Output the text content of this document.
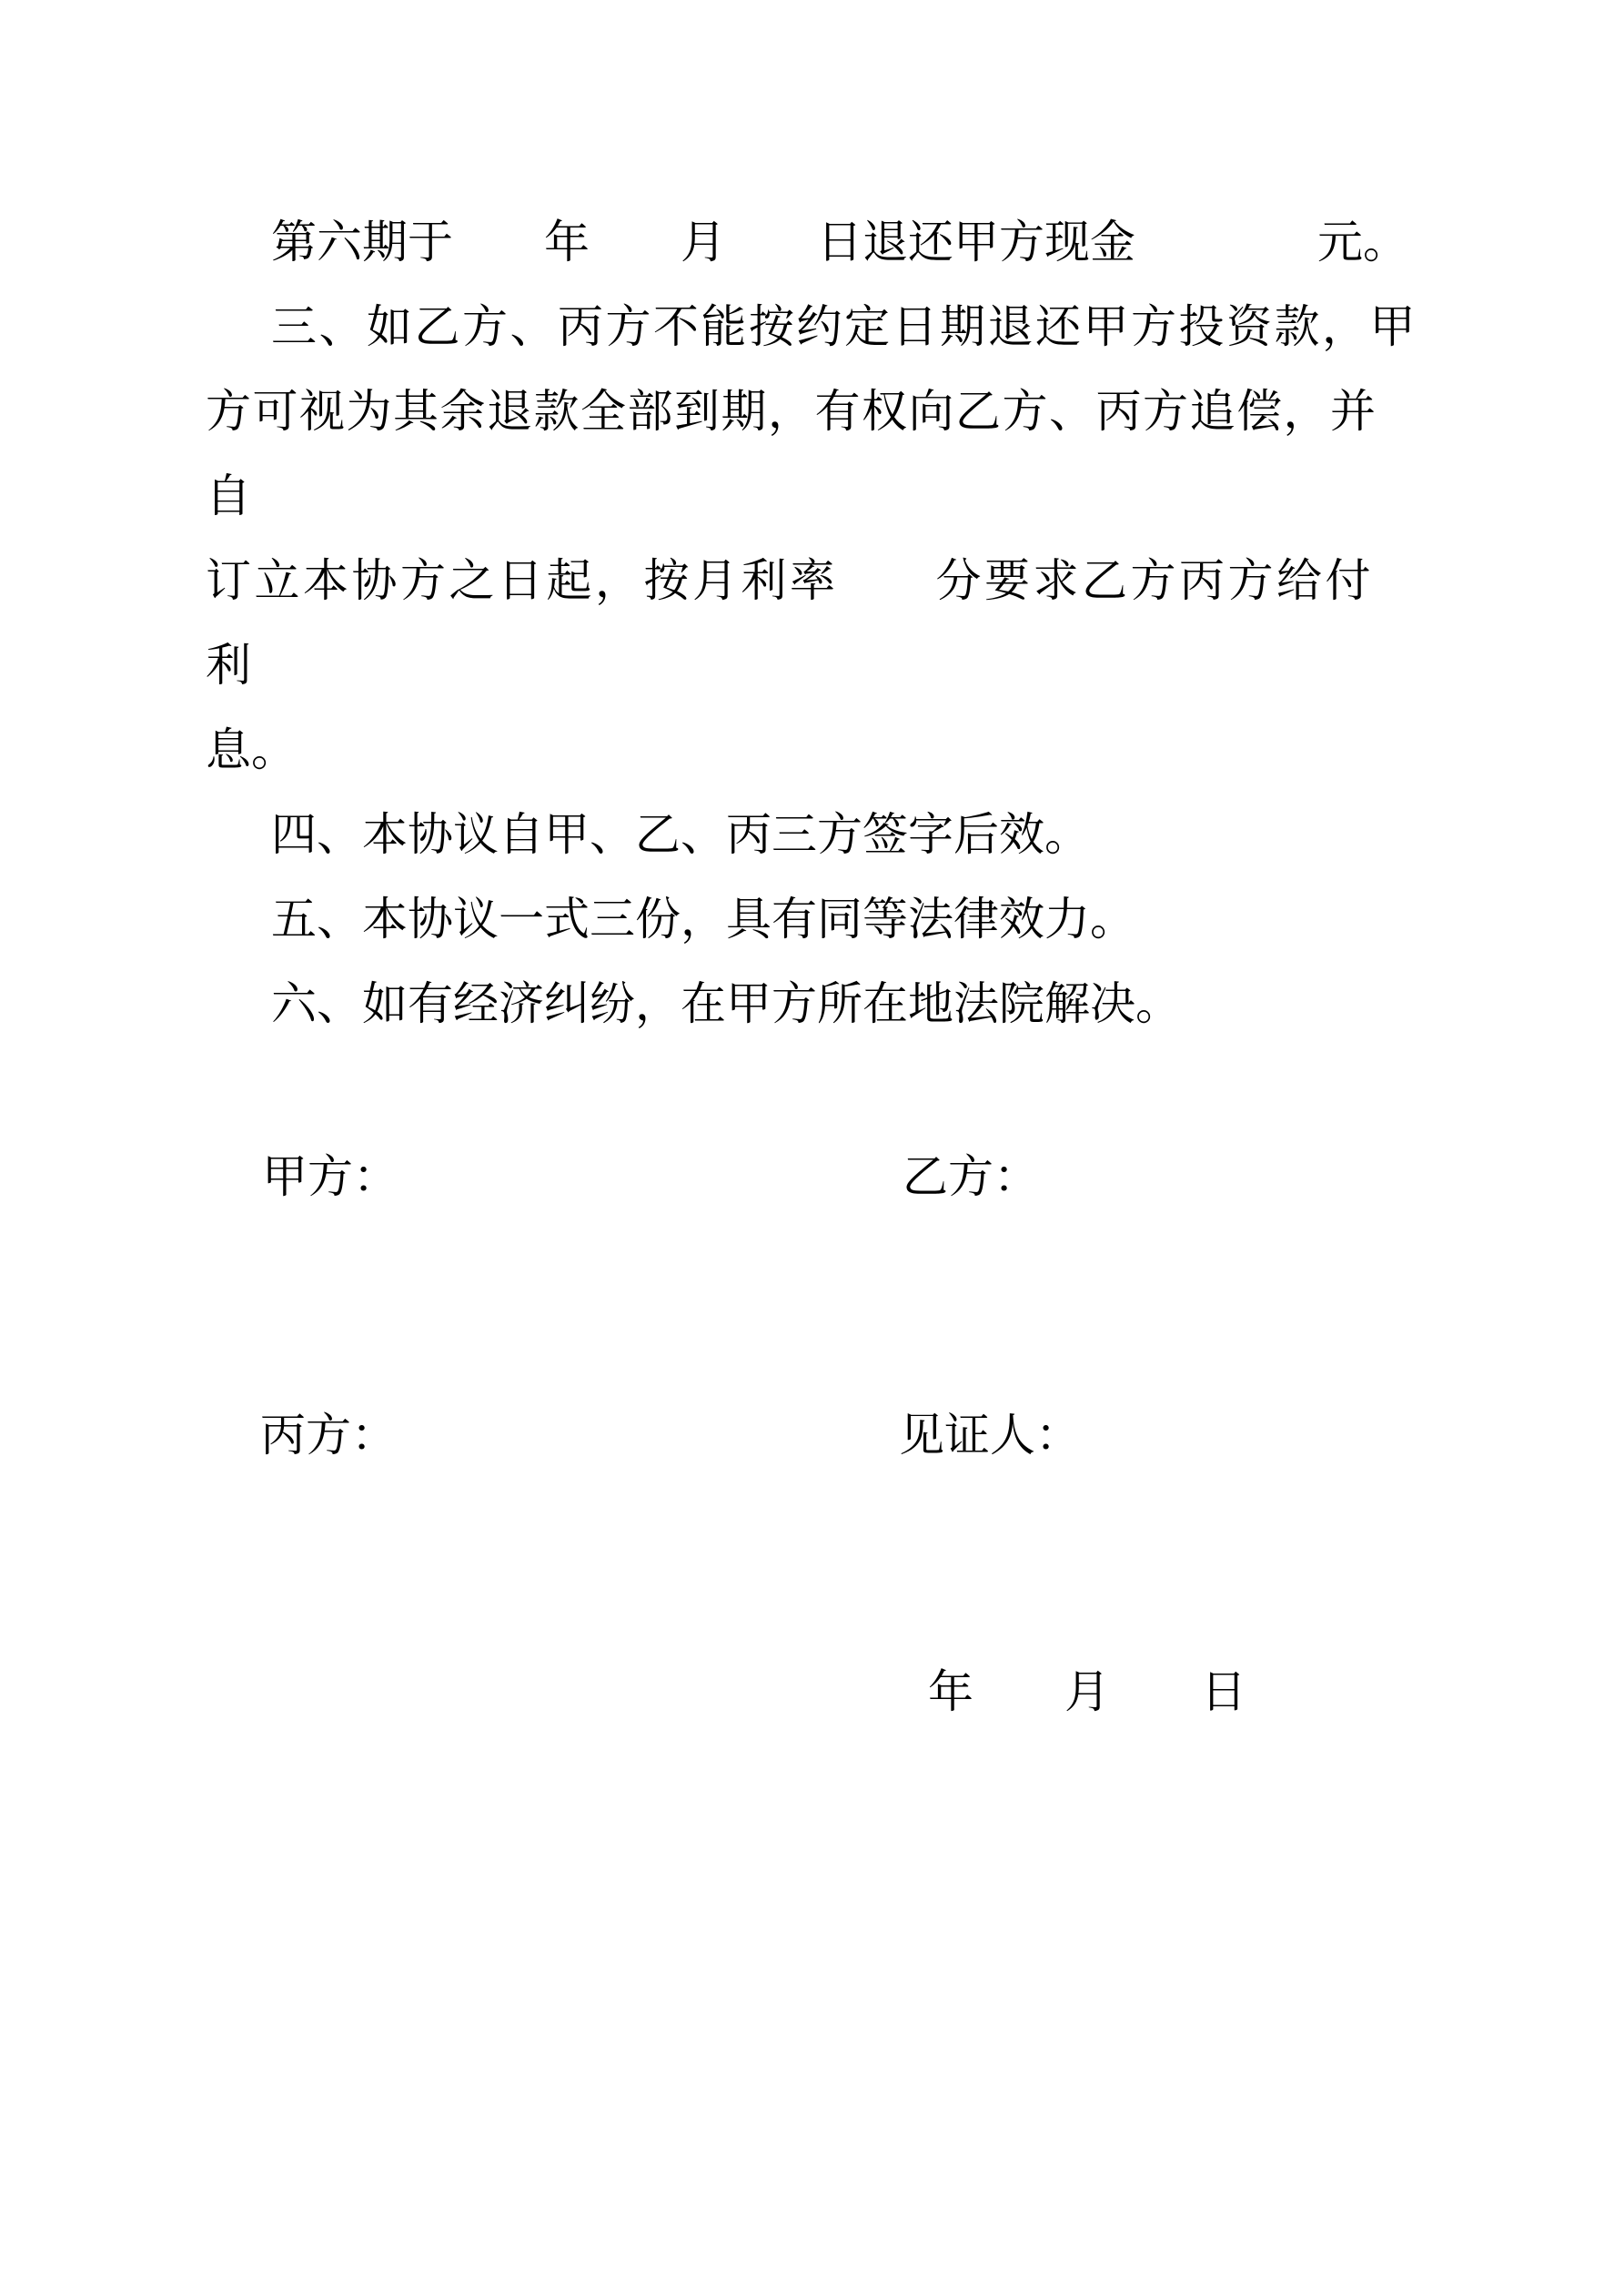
第六期于　　年　　月　　日退还甲方现金　　　　元。
三、如乙方、丙方不能按约定日期退还甲方投资款，甲
方可视为其余退款全部到期，有权向乙方、丙方追偿，并自
订立本协方之日起，按月利率　　分要求乙方丙方给付利
息。
四、本协议自甲、乙、丙三方签字后效。
五、本协议一式三份，具有同等法律效力。
六、如有经济纠纷，在甲方所在地法院解决。
甲方：	乙方：
丙方：	见证人：
年　　月　　日
